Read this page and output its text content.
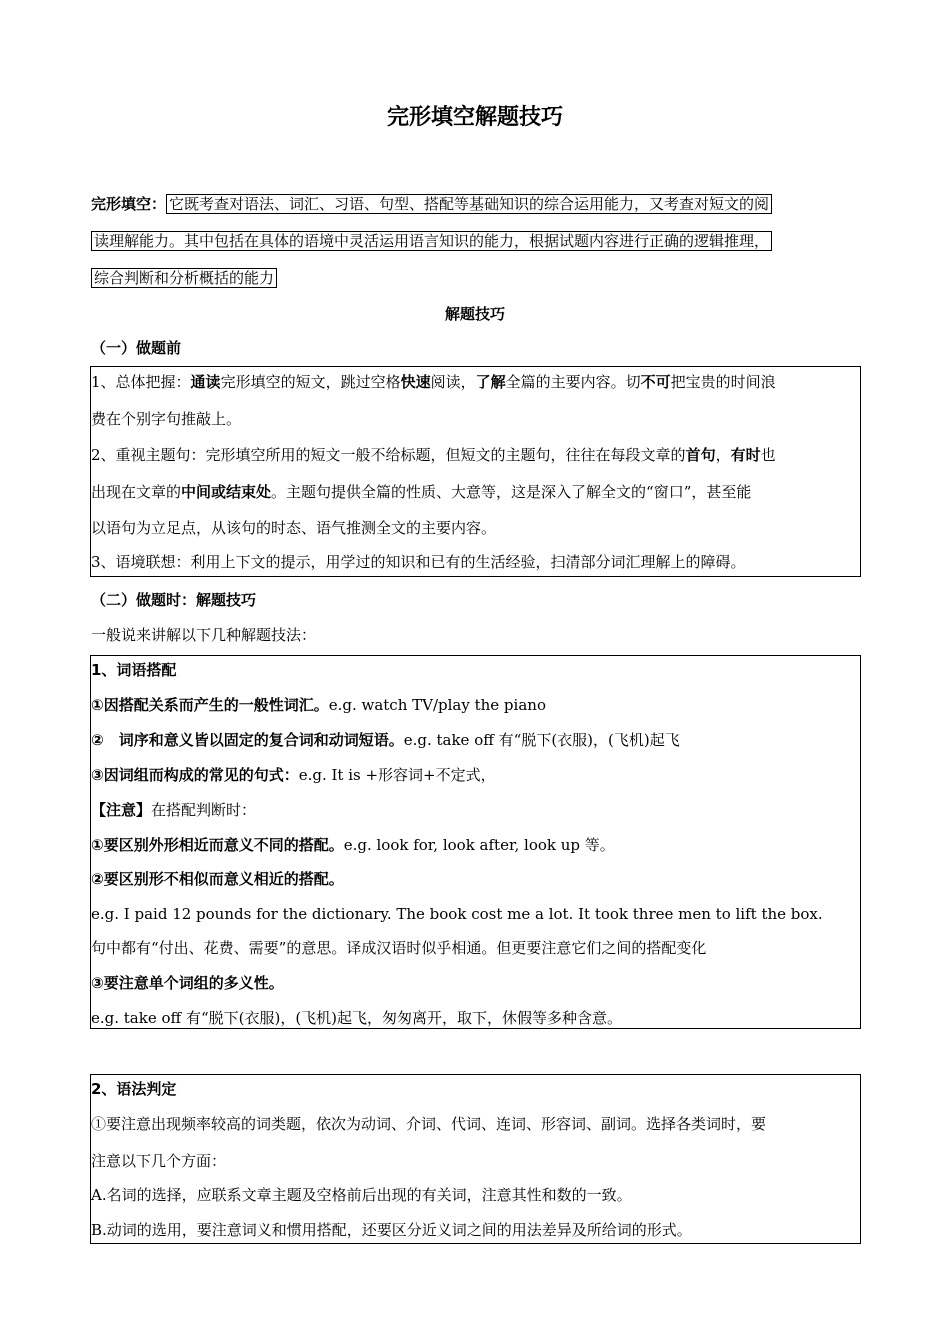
完形填空解题技巧
完形填空： 它既考查对语法、词汇、习语、句型、搭配等基础知识的综合运用能力，又考查对短文的阅
读理解能力。其中包括在具体的语境中灵活运用语言知识的能力，根据试题内容进行正确的逻辑推理，
综合判断和分析概括的能力
解题技巧
（一）做题前
1、总体把握：通读完形填空的短文，跳过空格快速阅读，了解全篇的主要内容。切不可把宝贵的时间浪
费在个别字句推敲上。
2、重视主题句：完形填空所用的短文一般不给标题，但短文的主题句，往往在每段文章的首句，有时也
出现在文章的中间或结束处。主题句提供全篇的性质、大意等，这是深入了解全文的“窗口”，甚至能
以语句为立足点，从该句的时态、语气推测全文的主要内容。
3、语境联想：利用上下文的提示，用学过的知识和已有的生活经验，扫清部分词汇理解上的障碍。
（二）做题时：解题技巧
一般说来讲解以下几种解题技法：
1、词语搭配
①因搭配关系而产生的一般性词汇。e.g. watch TV/play the piano
②　词序和意义皆以固定的复合词和动词短语。e.g. take off 有“脱下(衣服)，(飞机)起飞
③因词组而构成的常见的句式：e.g. It is +形容词+不定式，
【注意】在搭配判断时：
①要区别外形相近而意义不同的搭配。e.g. look for, look after, look up 等。
②要区别形不相似而意义相近的搭配。
e.g. I paid 12 pounds for the dictionary. The book cost me a lot. It took three men to lift the box.
句中都有“付出、花费、需要”的意思。译成汉语时似乎相通。但更要注意它们之间的搭配变化
③要注意单个词组的多义性。
e.g. take off 有“脱下(衣服)，(飞机)起飞，匆匆离开，取下，休假等多种含意。
2、语法判定
①要注意出现频率较高的词类题，依次为动词、介词、代词、连词、形容词、副词。选择各类词时，要
注意以下几个方面：
A.名词的选择，应联系文章主题及空格前后出现的有关词，注意其性和数的一致。
B.动词的选用，要注意词义和惯用搭配，还要区分近义词之间的用法差异及所给词的形式。
